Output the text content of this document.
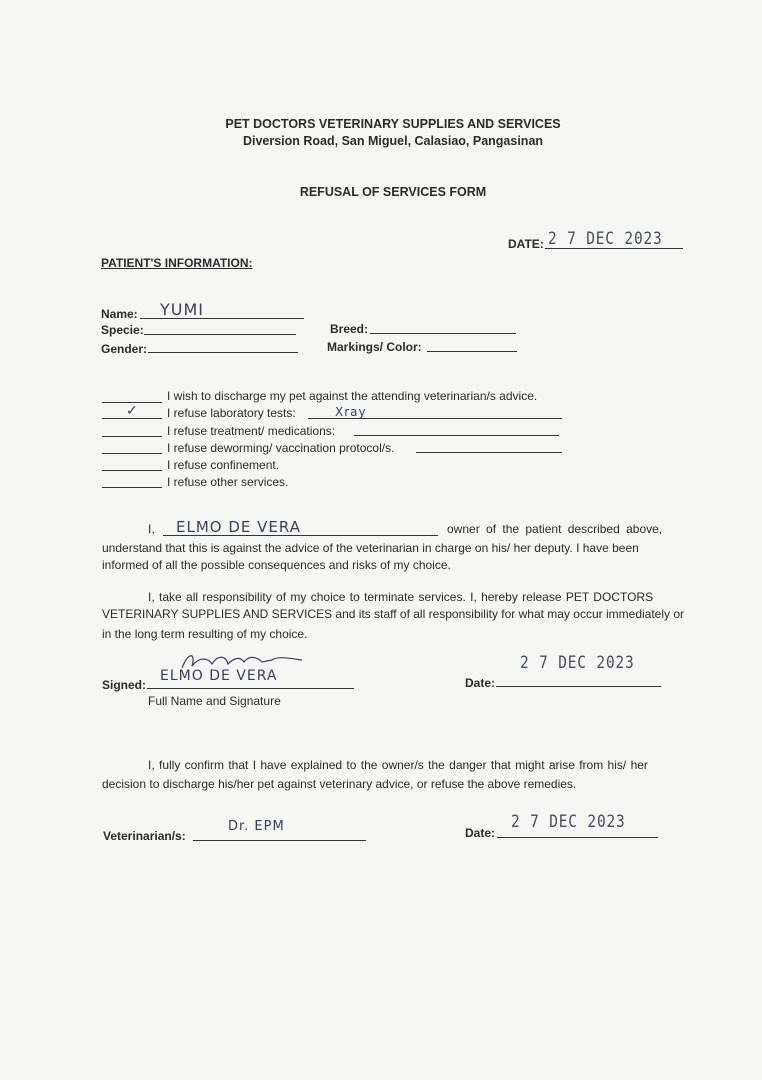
PET DOCTORS VETERINARY SUPPLIES AND SERVICES
Diversion Road, San Miguel, Calasiao, Pangasinan
REFUSAL OF SERVICES FORM
DATE: 2 7 DEC 2023
PATIENT'S INFORMATION:
Name: YUMI
Specie:	Breed:
Gender:	Markings/ Color:
I wish to discharge my pet against the attending veterinarian/s advice.
✓ I refuse laboratory tests:	Xray
I refuse treatment/ medications:
I refuse deworming/ vaccination protocol/s.
I refuse confinement.
I refuse other services.
I, ELMO DE VERA	owner of the patient described above,
understand that this is against the advice of the veterinarian in charge on his/ her deputy. I have been
informed of all the possible consequences and risks of my choice.
I, take all responsibility of my choice to terminate services. I, hereby release PET DOCTORS
VETERINARY SUPPLIES AND SERVICES and its staff of all responsibility for what may occur immediately or
in the long term resulting of my choice.
Signed:
ELMO DE VERA
Full Name and Signature
Date:
2 7 DEC 2023
I, fully confirm that I have explained to the owner/s the danger that might arise from his/ her
decision to discharge his/her pet against veterinary advice, or refuse the above remedies.
Veterinarian/s:
Dr. EPM	Date:
2 7 DEC 2023
